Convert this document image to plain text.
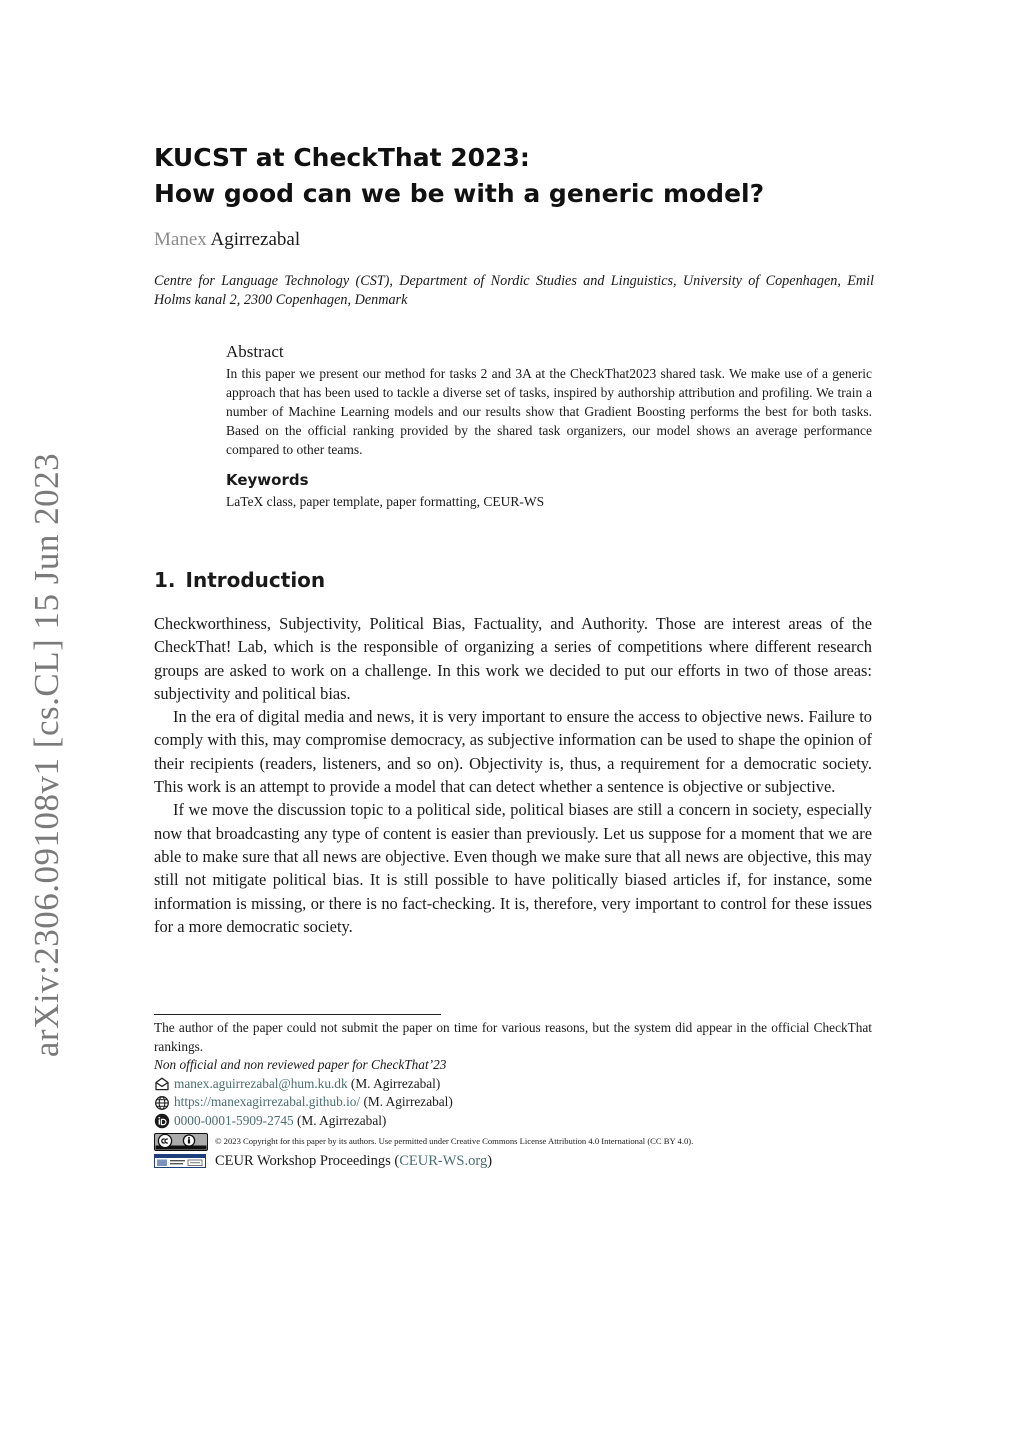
arXiv:2306.09108v1 [cs.CL] 15 Jun 2023
KUCST at CheckThat 2023:
How good can we be with a generic model?
Manex Agirrezabal

Centre for Language Technology (CST), Department of Nordic Studies and Linguistics, University of Copenhagen, Emil Holms kanal 2, 2300 Copenhagen, Denmark

Abstract

In this paper we present our method for tasks 2 and 3A at the CheckThat2023 shared task. We make use of a generic approach that has been used to tackle a diverse set of tasks, inspired by authorship attribution and profiling. We train a number of Machine Learning models and our results show that Gradient Boosting performs the best for both tasks. Based on the official ranking provided by the shared task organizers, our model shows an average performance compared to other teams.

Keywords

LaTeX class, paper template, paper formatting, CEUR-WS

1. Introduction

Checkworthiness, Subjectivity, Political Bias, Factuality, and Authority. Those are interest areas of the CheckThat! Lab, which is the responsible of organizing a series of competitions where different research groups are asked to work on a challenge. In this work we decided to put our efforts in two of those areas: subjectivity and political bias.

In the era of digital media and news, it is very important to ensure the access to objective news. Failure to comply with this, may compromise democracy, as subjective information can be used to shape the opinion of their recipients (readers, listeners, and so on). Objectivity is, thus, a requirement for a democratic society. This work is an attempt to provide a model that can detect whether a sentence is objective or subjective.

If we move the discussion topic to a political side, political biases are still a concern in society, especially now that broadcasting any type of content is easier than previously. Let us suppose for a moment that we are able to make sure that all news are objective. Even though we make sure that all news are objective, this may still not mitigate political bias. It is still possible to have politically biased articles if, for instance, some information is missing, or there is no fact-checking. It is, therefore, very important to control for these issues for a more democratic society.

The author of the paper could not submit the paper on time for various reasons, but the system did appear in the official CheckThat rankings.

Non official and non reviewed paper for CheckThat’23

manex.aguirrezabal@hum.ku.dk
(M. Agirrezabal)

https://manexagirrezabal.github.io/
(M. Agirrezabal)

0000-0001-5909-2745
(M. Agirrezabal)

© 2023 Copyright for this paper by its authors. Use permitted under Creative Commons License Attribution 4.0 International (CC BY 4.0).
CEUR Workshop Proceedings (CEUR-WS.org)
